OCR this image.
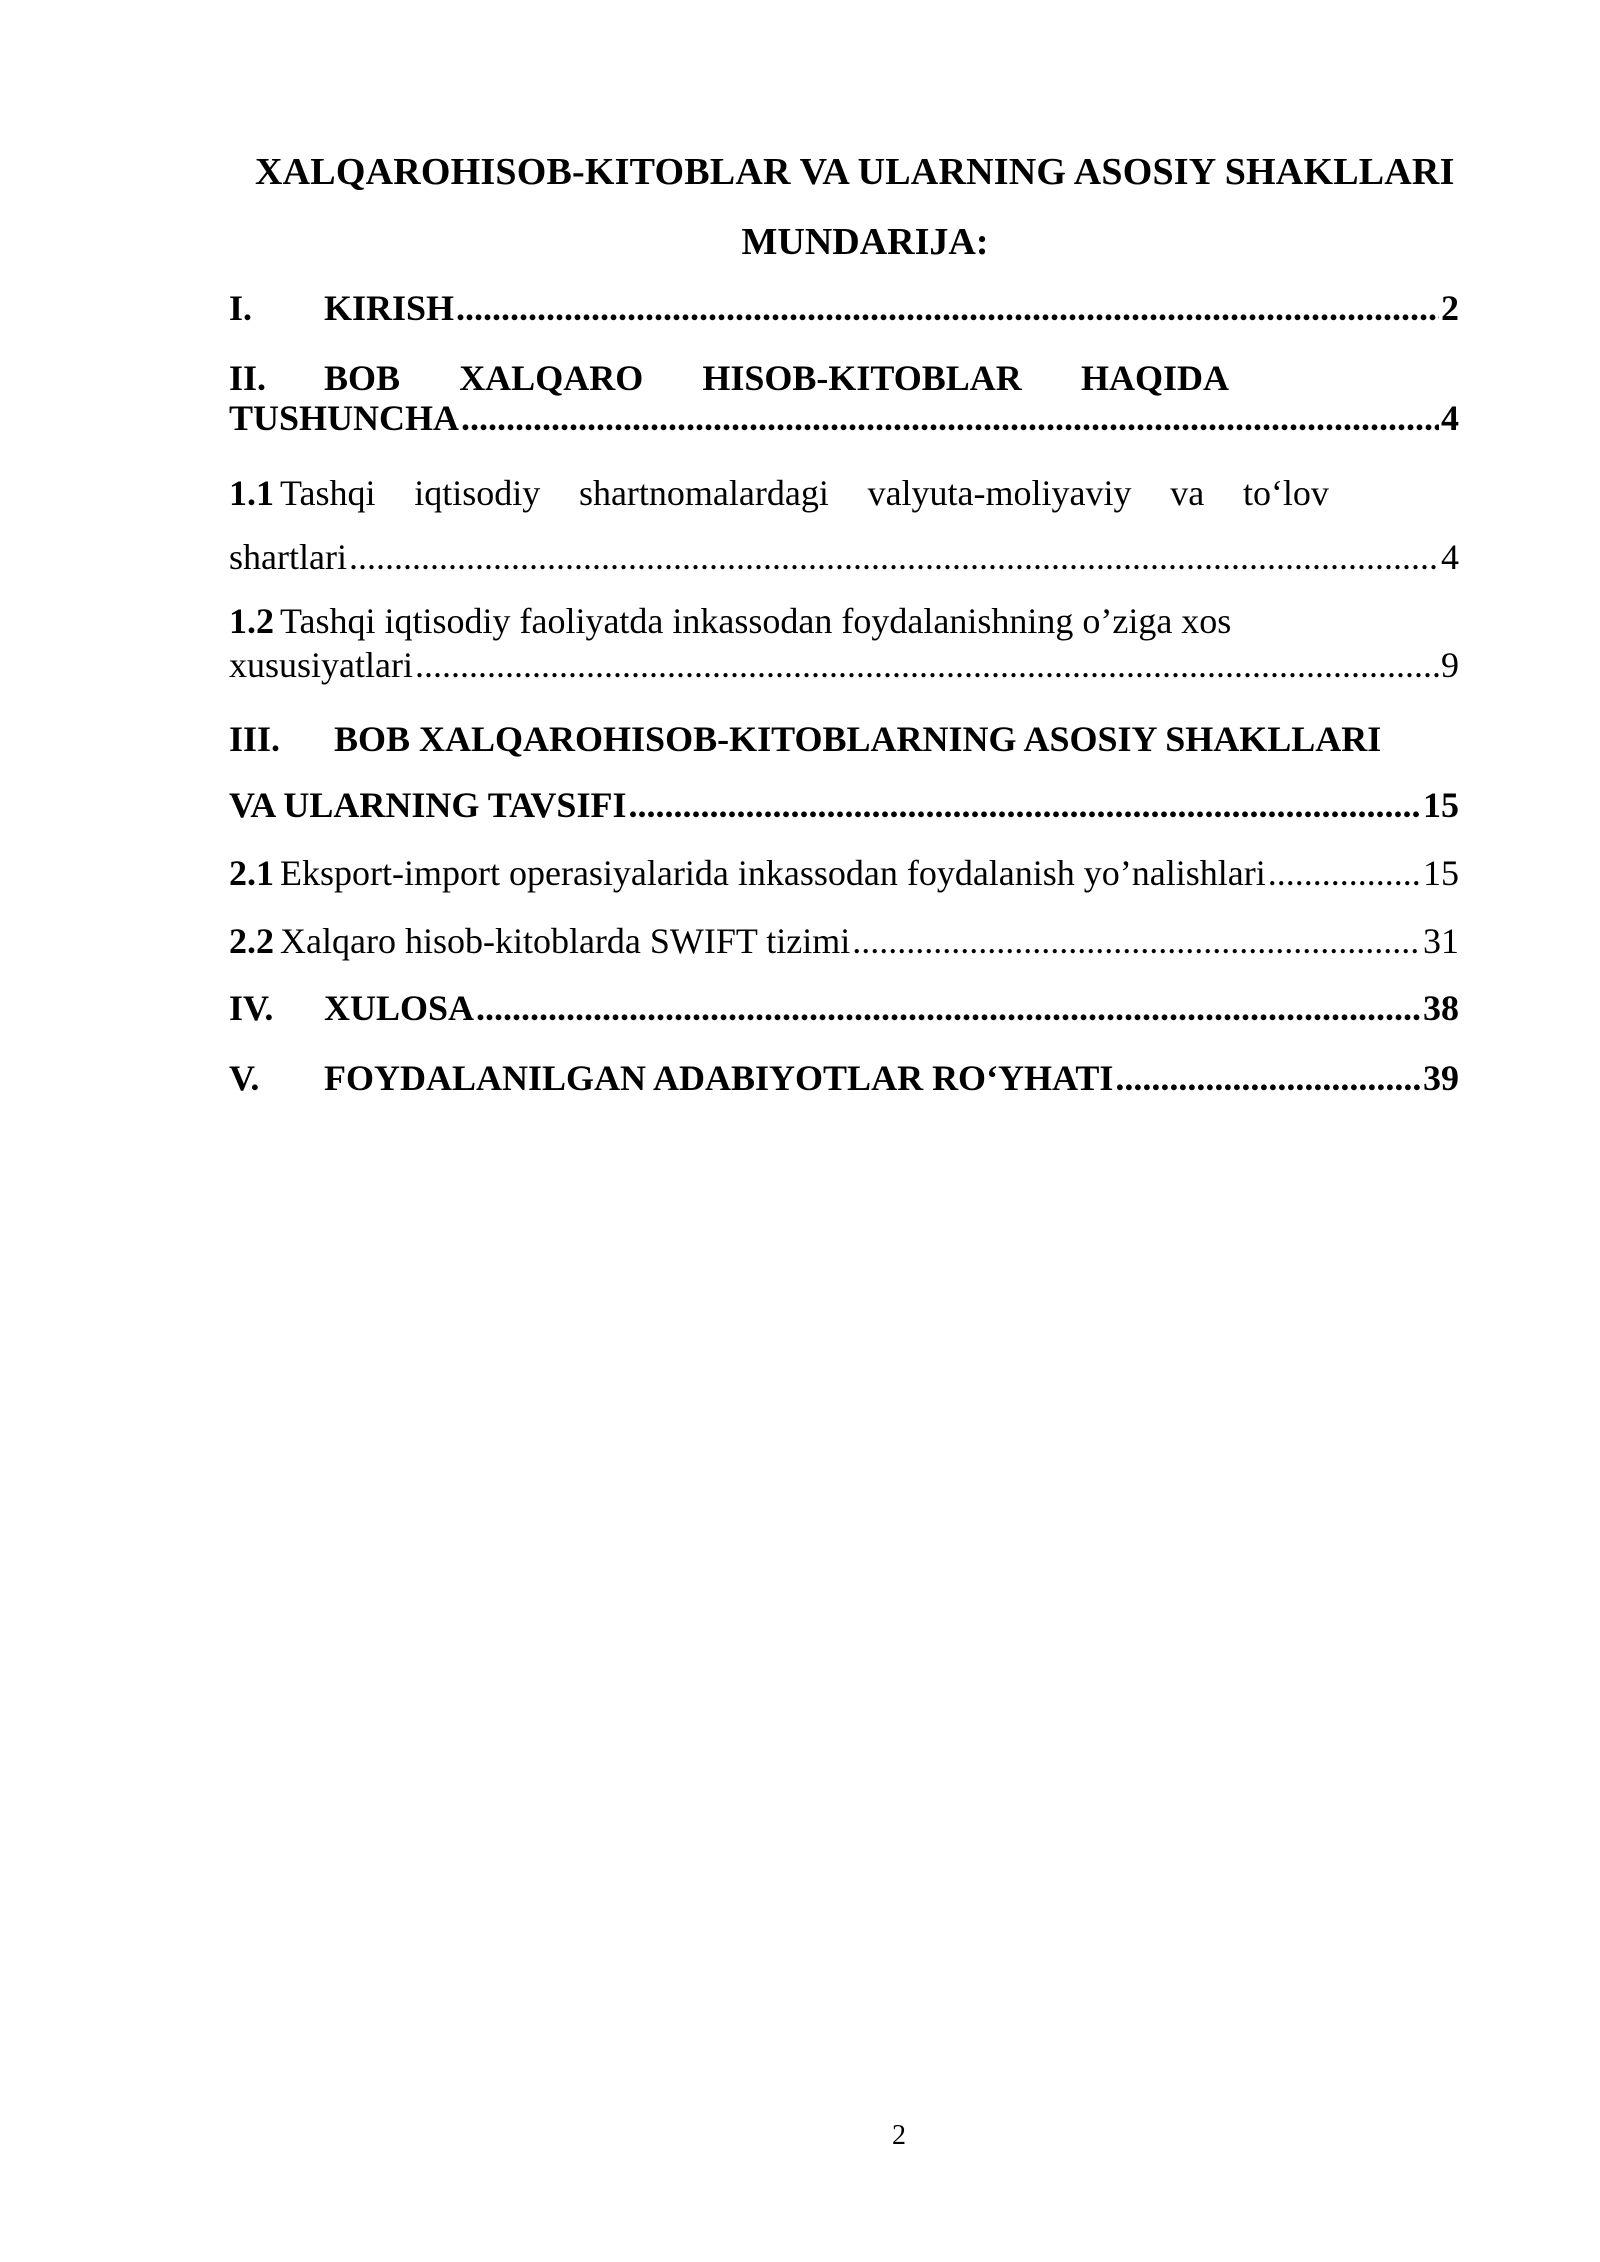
XALQAROHISOB-KITOBLAR VA ULARNING ASOSIY SHAKLLARI
MUNDARIJA:
I.	KIRISH .....	2
II.	BOB XALQARO HISOB-KITOBLAR HAQIDA
TUSHUNCHA .....	4
1.1 Tashqi iqtisodiy shartnomalardagi valyuta-moliyaviy va to‘lov
shartlari .....	4
1.2 Tashqi iqtisodiy faoliyatda inkassodan foydalanishning o’ziga xos
xususiyatlari .....	9
III.	BOB XALQAROHISOB-KITOBLARNING ASOSIY SHAKLLARI
VA ULARNING TAVSIFI .....	15
2.1 Eksport-import operasiyalarida inkassodan foydalanish yo’nalishlari .....	15
2.2 Xalqaro hisob-kitoblarda SWIFT tizimi .....	31
IV.	XULOSA .....	38
V.	FOYDALANILGAN ADABIYOTLAR RO‘YHATI .....	39
2
